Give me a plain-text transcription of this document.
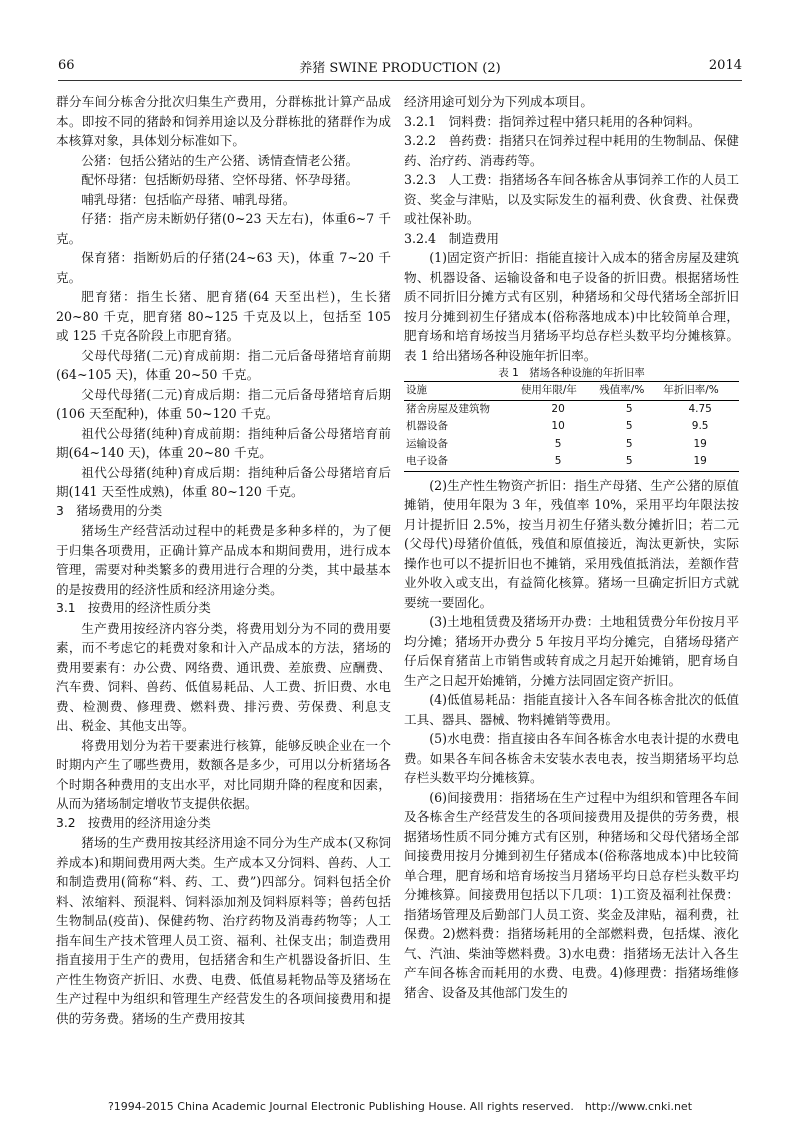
66	养猪 SWINE PRODUCTION (2)	2014

群分车间分栋舍分批次归集生产费用，分群栋批计算产品成本。即按不同的猪龄和饲养用途以及分群栋批的猪群作为成本核算对象，具体划分标准如下。

公猪：包括公猪站的生产公猪、诱情查情老公猪。

配怀母猪：包括断奶母猪、空怀母猪、怀孕母猪。

哺乳母猪：包括临产母猪、哺乳母猪。

仔猪：指产房未断奶仔猪(0~23 天左右)，体重6~7 千克。

保育猪：指断奶后的仔猪(24~63 天)，体重 7~20 千克。

肥育猪：指生长猪、肥育猪(64 天至出栏)，生长猪 20~80 千克，肥育猪 80~125 千克及以上，包括至 105 或 125 千克各阶段上市肥育猪。

父母代母猪(二元)育成前期：指二元后备母猪培育前期(64~105 天)，体重 20~50 千克。

父母代母猪(二元)育成后期：指二元后备母猪培育后期(106 天至配种)，体重 50~120 千克。

祖代公母猪(纯种)育成前期：指纯种后备公母猪培育前期(64~140 天)，体重 20~80 千克。

祖代公母猪(纯种)育成后期：指纯种后备公母猪培育后期(141 天至性成熟)，体重 80~120 千克。

3　猪场费用的分类

猪场生产经营活动过程中的耗费是多种多样的，为了便于归集各项费用，正确计算产品成本和期间费用，进行成本管理，需要对种类繁多的费用进行合理的分类，其中最基本的是按费用的经济性质和经济用途分类。

3.1　按费用的经济性质分类

生产费用按经济内容分类，将费用划分为不同的费用要素，而不考虑它的耗费对象和计入产品成本的方法，猪场的费用要素有：办公费、网络费、通讯费、差旅费、应酬费、汽车费、饲料、兽药、低值易耗品、人工费、折旧费、水电费、检测费、修理费、燃料费、排污费、劳保费、利息支出、税金、其他支出等。

将费用划分为若干要素进行核算，能够反映企业在一个时期内产生了哪些费用，数额各是多少，可用以分析猪场各个时期各种费用的支出水平，对比同期升降的程度和因素，从而为猪场制定增收节支提供依据。

3.2　按费用的经济用途分类

猪场的生产费用按其经济用途不同分为生产成本(又称饲养成本)和期间费用两大类。生产成本又分饲料、兽药、人工和制造费用(简称“料、药、工、费”)四部分。饲料包括全价料、浓缩料、预混料、饲料添加剂及饲料原料等；兽药包括生物制品(疫苗)、保健药物、治疗药物及消毒药物等；人工指车间生产技术管理人员工资、福利、社保支出；制造费用指直接用于生产的费用，包括猪舍和生产机器设备折旧、生产性生物资产折旧、水费、电费、低值易耗物品等及猪场在生产过程中为组织和管理生产经营发生的各项间接费用和提供的劳务费。猪场的生产费用按其

经济用途可划分为下列成本项目。

3.2.1　饲料费：指饲养过程中猪只耗用的各种饲料。

3.2.2　兽药费：指猪只在饲养过程中耗用的生物制品、保健药、治疗药、消毒药等。

3.2.3　人工费：指猪场各车间各栋舍从事饲养工作的人员工资、奖金与津贴，以及实际发生的福利费、伙食费、社保费或社保补助。

3.2.4　制造费用

(1)固定资产折旧：指能直接计入成本的猪舍房屋及建筑物、机器设备、运输设备和电子设备的折旧费。根据猪场性质不同折旧分摊方式有区别，种猪场和父母代猪场全部折旧按月分摊到初生仔猪成本(俗称落地成本)中比较简单合理，肥育场和培育场按当月猪场平均总存栏头数平均分摊核算。表 1 给出猪场各种设施年折旧率。

表 1　猪场各种设施的年折旧率

设施	使用年限/年	残值率/%	年折旧率/%
猪舍房屋及建筑物	20	5	4.75
机器设备	10	5	9.5
运输设备	5	5	19
电子设备	5	5	19

(2)生产性生物资产折旧：指生产母猪、生产公猪的原值摊销，使用年限为 3 年，残值率 10%，采用平均年限法按月计提折旧 2.5%，按当月初生仔猪头数分摊折旧；若二元(父母代)母猪价值低，残值和原值接近，淘汰更新快，实际操作也可以不提折旧也不摊销，采用残值抵消法，差额作营业外收入或支出，有益简化核算。猪场一旦确定折旧方式就要统一要固化。

(3)土地租赁费及猪场开办费：土地租赁费分年份按月平均分摊；猪场开办费分 5 年按月平均分摊完，自猪场母猪产仔后保育猪苗上市销售或转育成之月起开始摊销，肥育场自生产之日起开始摊销，分摊方法同固定资产折旧。

(4)低值易耗品：指能直接计入各车间各栋舍批次的低值工具、器具、器械、物料摊销等费用。

(5)水电费：指直接由各车间各栋舍水电表计提的水费电费。如果各车间各栋舍未安装水表电表，按当期猪场平均总存栏头数平均分摊核算。

(6)间接费用：指猪场在生产过程中为组织和管理各车间及各栋舍生产经营发生的各项间接费用及提供的劳务费，根据猪场性质不同分摊方式有区别，种猪场和父母代猪场全部间接费用按月分摊到初生仔猪成本(俗称落地成本)中比较简单合理，肥育场和培育场按当月猪场平均日总存栏头数平均分摊核算。间接费用包括以下几项：1)工资及福利社保费：指猪场管理及后勤部门人员工资、奖金及津贴，福利费，社保费。2)燃料费：指猪场耗用的全部燃料费，包括煤、液化气、汽油、柴油等燃料费。3)水电费：指猪场无法计入各生产车间各栋舍而耗用的水费、电费。4)修理费：指猪场维修猪舍、设备及其他部门发生的

?1994-2015 China Academic Journal Electronic Publishing House. All rights reserved.　http://www.cnki.net
